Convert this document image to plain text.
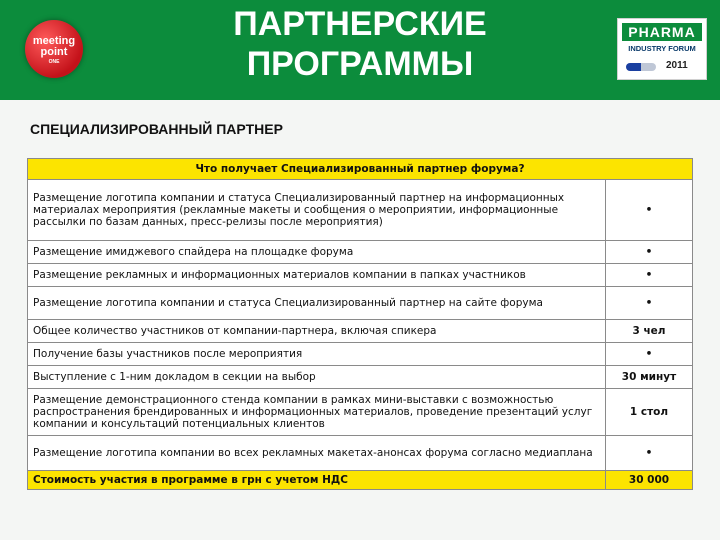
meeting
point
ONE
ПАРТНЕРСКИЕ
ПРОГРАММЫ
PHARMA
INDUSTRY FORUM
2011
СПЕЦИАЛИЗИРОВАННЫЙ ПАРТНЕР
Что получает Специализированный партнер форума?	
Размещение логотипа компании и статуса Специализированный партнер на информационных материалах мероприятия (рекламные макеты и сообщения о мероприятии, информационные рассылки по базам данных, пресс-релизы после мероприятия)	•
Размещение имиджевого спайдера на площадке форума	•
Размещение рекламных и информационных материалов компании в папках участников	•
Размещение логотипа компании и статуса Специализированный партнер на сайте форума	•
Общее количество участников от компании-партнера, включая спикера	3 чел
Получение базы участников после мероприятия	•
Выступление с 1-ним докладом в секции на выбор	30 минут
Размещение демонстрационного стенда компании в рамках мини-выставки с возможностью распространения брендированных и информационных материалов, проведение презентаций услуг компании и консультаций потенциальных клиентов	1 стол
Размещение логотипа компании во всех рекламных макетах-анонсах форума согласно медиаплана	•
Стоимость участия в программе в грн с учетом НДС	30 000
